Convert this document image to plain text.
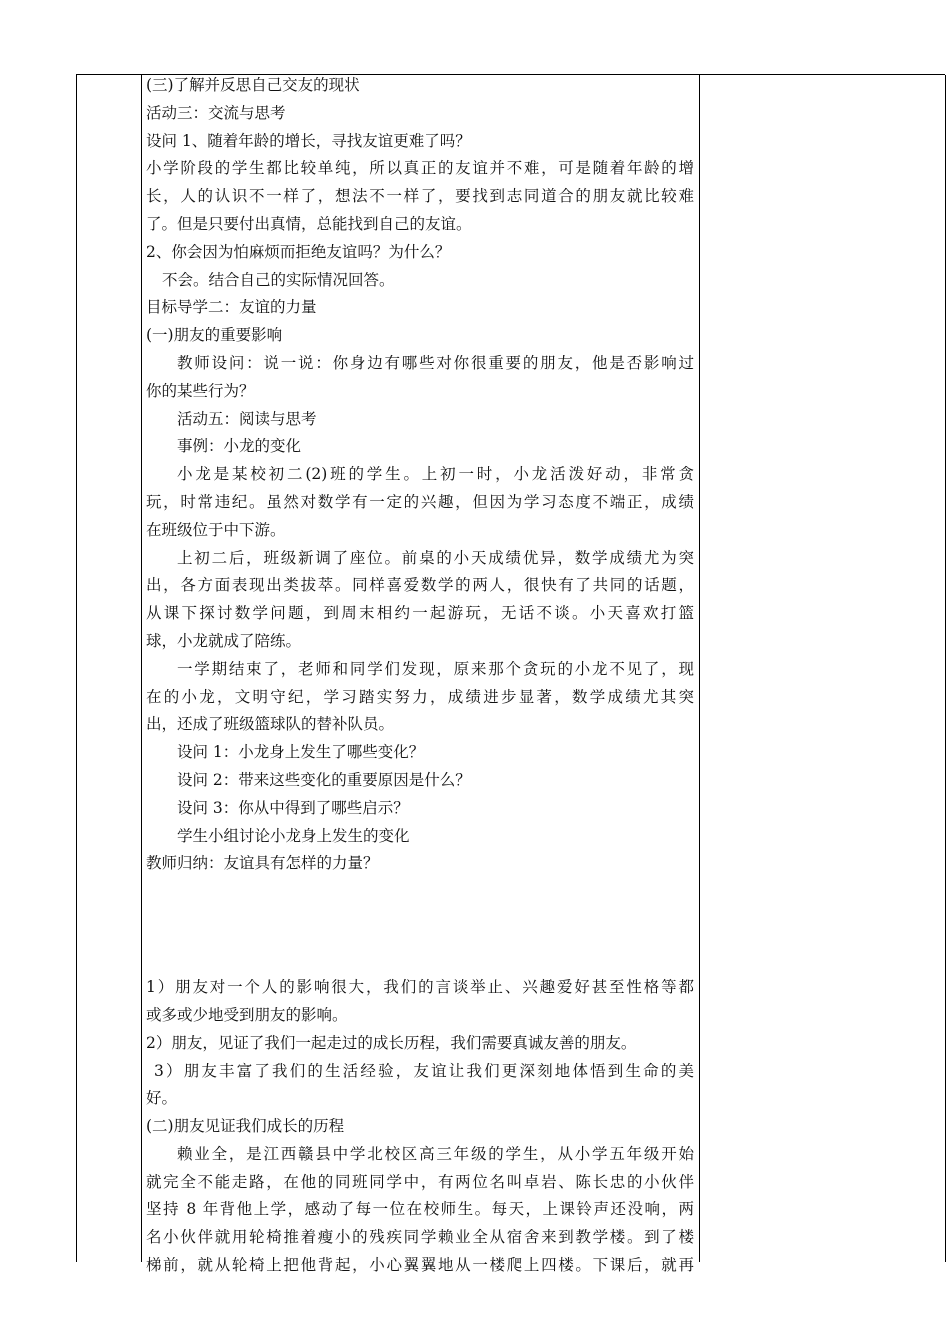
(三)了解并反思自己交友的现状

活动三：交流与思考

设问 1、随着年龄的增长，寻找友谊更难了吗？

小学阶段的学生都比较单纯，所以真正的友谊并不难，可是随着年龄的增

长，人的认识不一样了，想法不一样了，要找到志同道合的朋友就比较难

了。但是只要付出真情，总能找到自己的友谊。

2、你会因为怕麻烦而拒绝友谊吗？为什么？

不会。结合自己的实际情况回答。

目标导学二：友谊的力量

(一)朋友的重要影响

教师设问：说一说：你身边有哪些对你很重要的朋友，他是否影响过

你的某些行为？

活动五：阅读与思考

事例：小龙的变化

小龙是某校初二(2)班的学生。上初一时，小龙活泼好动，非常贪

玩，时常违纪。虽然对数学有一定的兴趣，但因为学习态度不端正，成绩

在班级位于中下游。

上初二后，班级新调了座位。前桌的小天成绩优异，数学成绩尤为突

出，各方面表现出类拔萃。同样喜爱数学的两人，很快有了共同的话题，

从课下探讨数学问题，到周末相约一起游玩，无话不谈。小天喜欢打篮

球，小龙就成了陪练。

一学期结束了，老师和同学们发现，原来那个贪玩的小龙不见了，现

在的小龙，文明守纪，学习踏实努力，成绩进步显著，数学成绩尤其突

出，还成了班级篮球队的替补队员。

设问 1：小龙身上发生了哪些变化？

设问 2：带来这些变化的重要原因是什么？

设问 3：你从中得到了哪些启示？

学生小组讨论小龙身上发生的变化

教师归纳：友谊具有怎样的力量？

1）朋友对一个人的影响很大，我们的言谈举止、兴趣爱好甚至性格等都

或多或少地受到朋友的影响。

2）朋友，见证了我们一起走过的成长历程，我们需要真诚友善的朋友。

3）朋友丰富了我们的生活经验，友谊让我们更深刻地体悟到生命的美

好。

(二)朋友见证我们成长的历程

赖业全，是江西赣县中学北校区高三年级的学生，从小学五年级开始

就完全不能走路，在他的同班同学中，有两位名叫卓岩、陈长忠的小伙伴

坚持 8 年背他上学，感动了每一位在校师生。每天，上课铃声还没响，两

名小伙伴就用轮椅推着瘦小的残疾同学赖业全从宿舍来到教学楼。到了楼

梯前，就从轮椅上把他背起，小心翼翼地从一楼爬上四楼。下课后，就再
